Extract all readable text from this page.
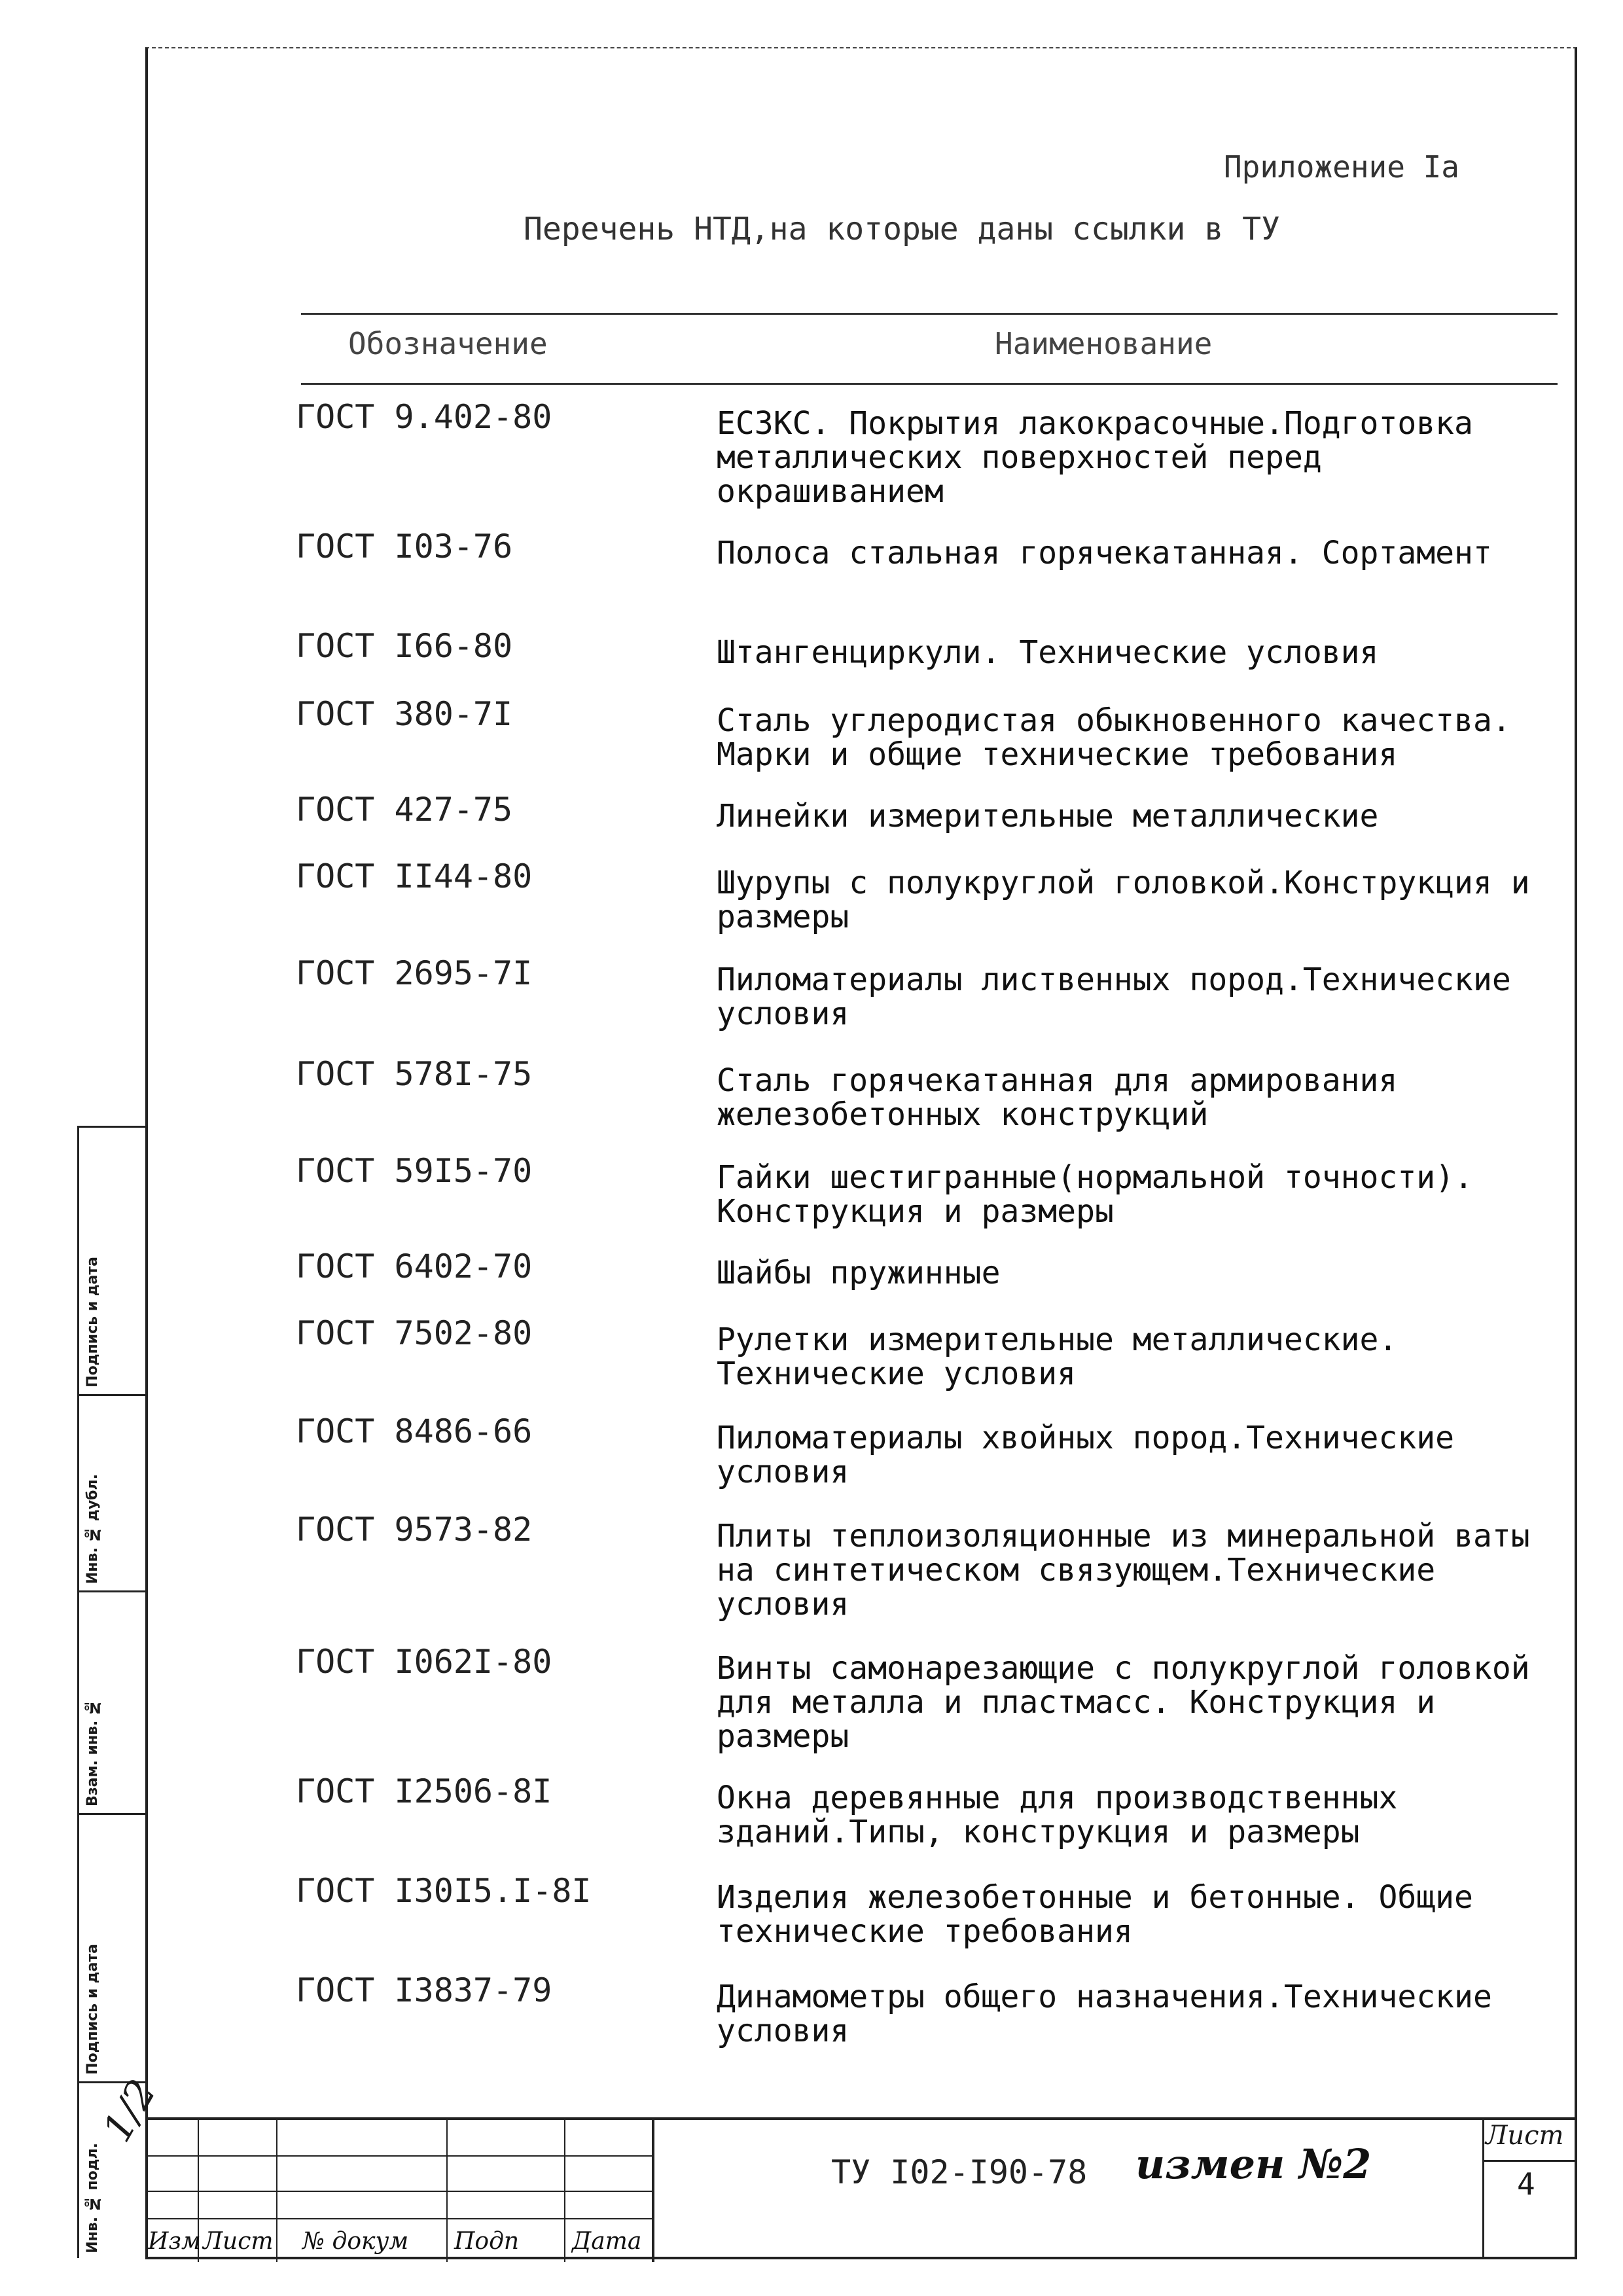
Приложение Iа
Перечень НТД,на которые даны ссылки в ТУ
Обозначение	Наименование
ГОСТ 9.402-80	ЕСЗКС. Покрытия лакокрасочные.Подготовка металлических поверхностей перед окрашиванием
ГОСТ I03-76	Полоса стальная горячекатанная. Сортамент
ГОСТ I66-80	Штангенциркули. Технические условия
ГОСТ 380-7I	Сталь углеродистая обыкновенного качества. Марки и общие технические требования
ГОСТ 427-75	Линейки измерительные металлические
ГОСТ II44-80	Шурупы с полукруглой головкой.Конструкция и размеры
ГОСТ 2695-7I	Пиломатериалы лиственных пород.Технические условия
ГОСТ 578I-75	Сталь горячекатанная для армирования железобетонных конструкций
ГОСТ 59I5-70	Гайки шестигранные(нормальной точности). Конструкция и размеры
ГОСТ 6402-70	Шайбы пружинные
ГОСТ 7502-80	Рулетки измерительные металлические. Технические условия
ГОСТ 8486-66	Пиломатериалы хвойных пород.Технические условия
ГОСТ 9573-82	Плиты теплоизоляционные из минеральной ваты на синтетическом связующем.Технические условия
ГОСТ I062I-80	Винты самонарезающие с полукруглой головкой для металла и пластмасс. Конструкция и размеры
ГОСТ I2506-8I	Окна деревянные для производственных зданий.Типы, конструкция и размеры
ГОСТ I30I5.I-8I	Изделия железобетонные и бетонные. Общие технические требования
ГОСТ I3837-79	Динамометры общего назначения.Технические условия
Подпись и дата
Инв. № дубл.
Взам. инв. №
Подпись и дата
Инв. № подл.
1/2
Изм Лист № докум Подп Дата
ТУ I02-I90-78 измен №2
Лист
4
